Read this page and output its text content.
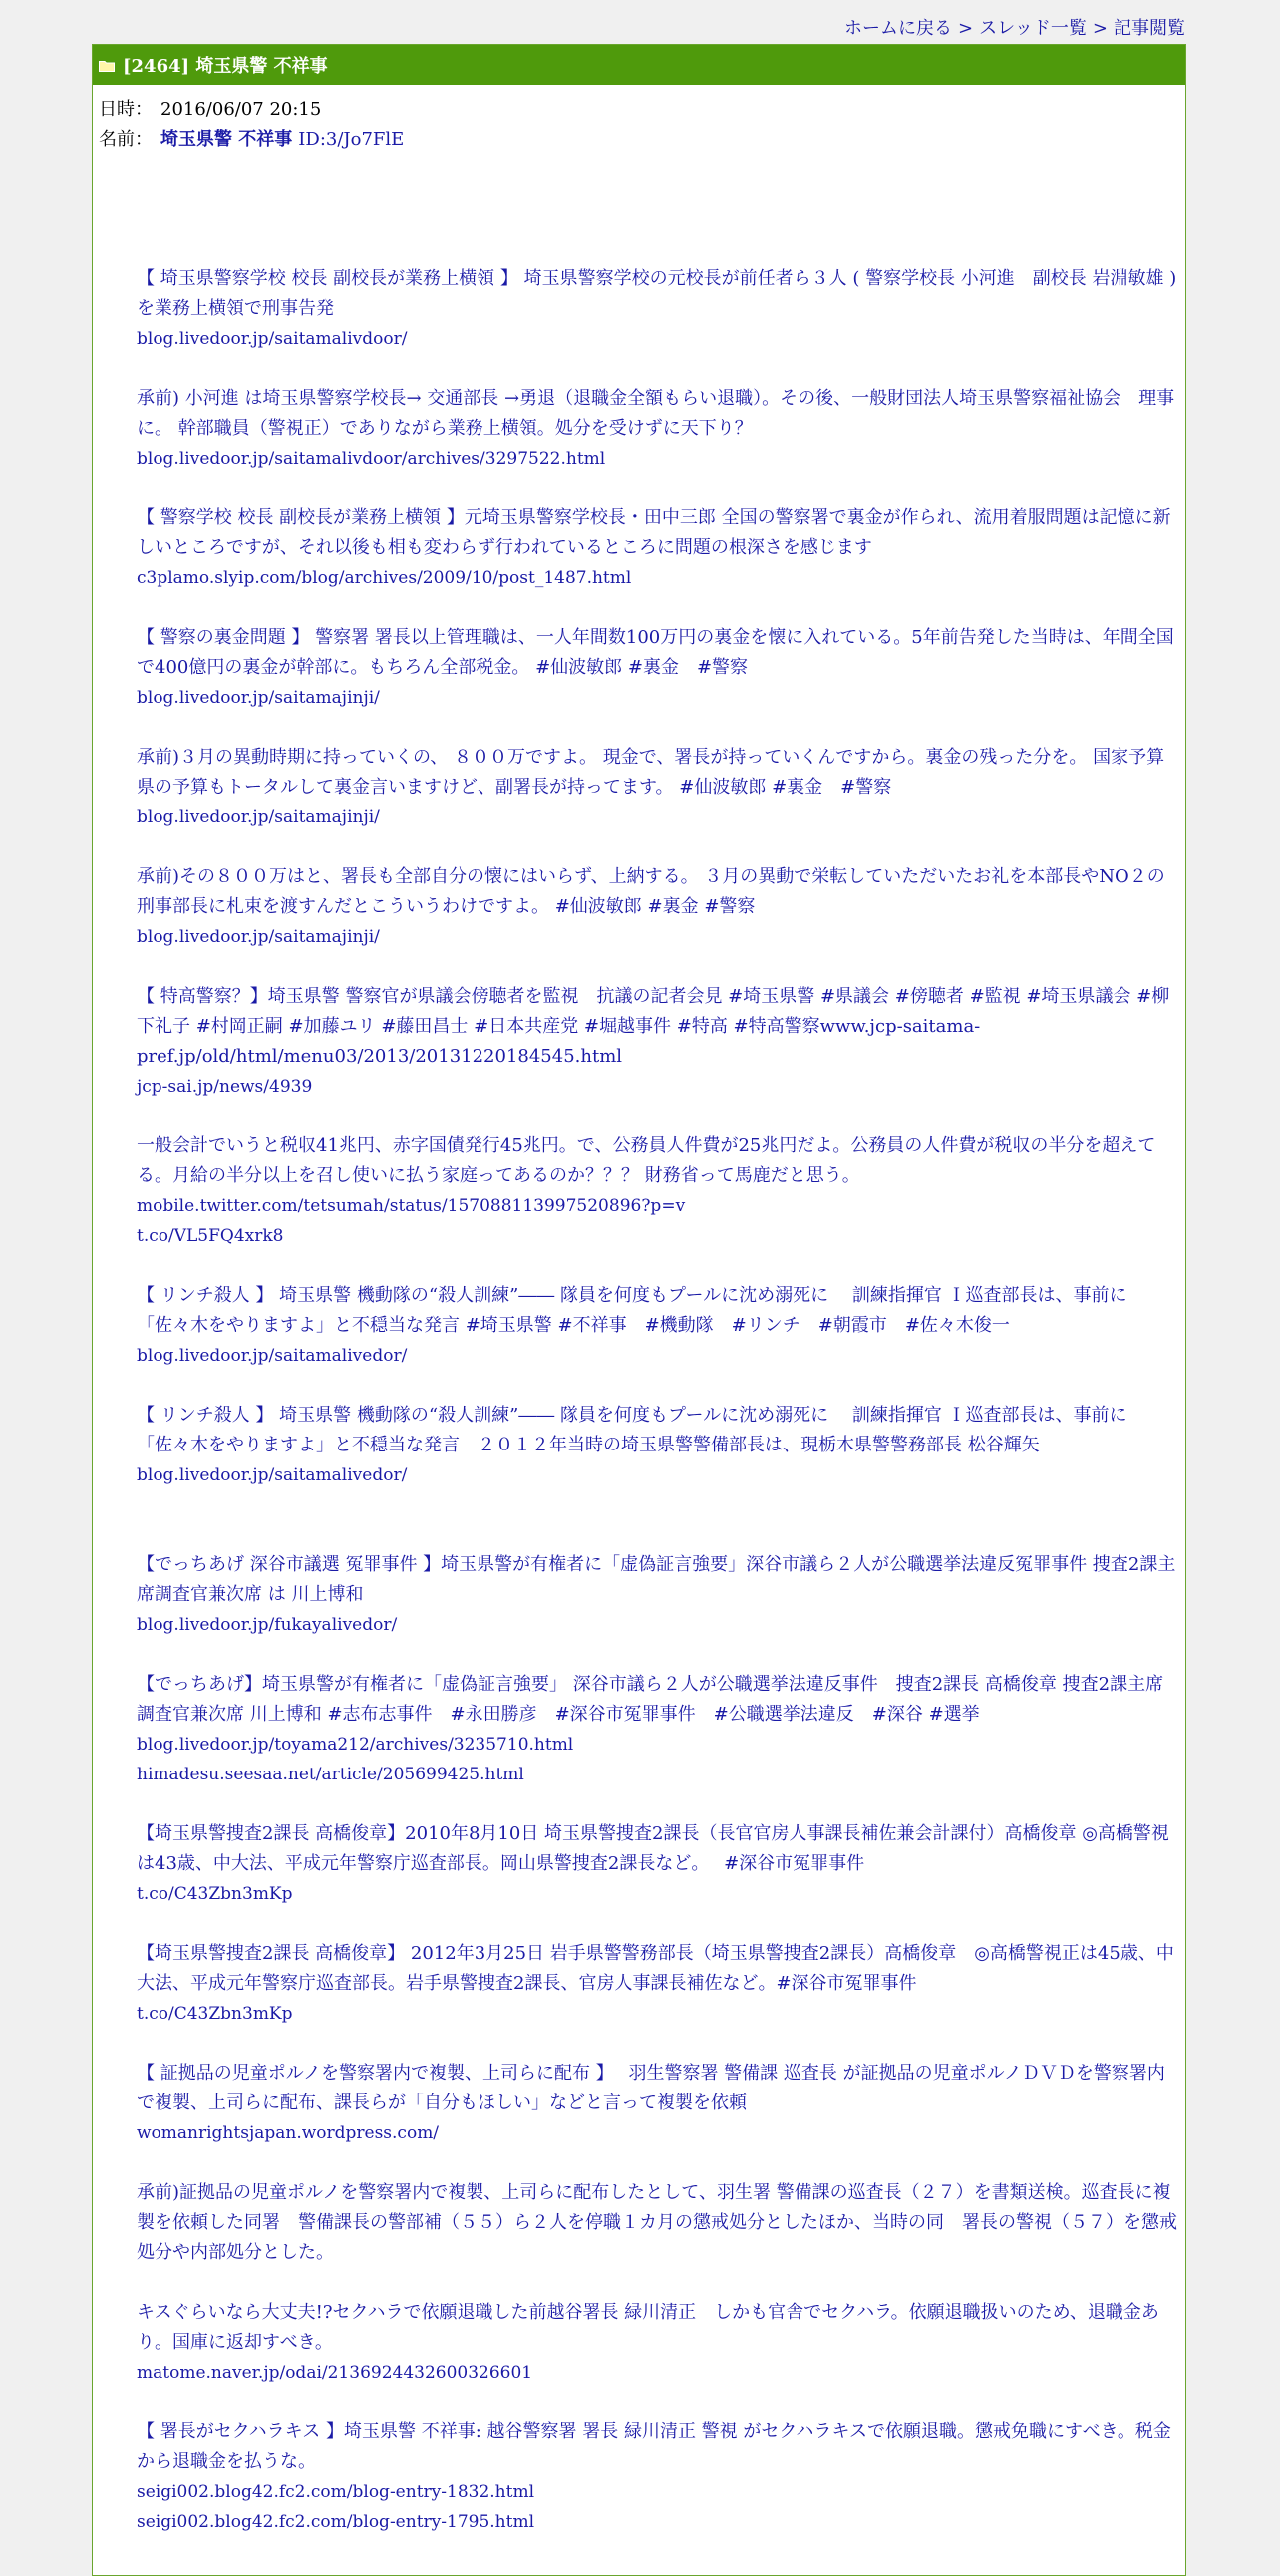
ホームに戻る > スレッド一覧 > 記事閲覧
[2464] 埼玉県警 不祥事
日時： 2016/06/07 20:15
名前： 埼玉県警 不祥事 ID:3/Jo7FlE
【 埼玉県警察学校 校長 副校長が業務上横領 】 埼玉県警察学校の元校長が前任者ら３人 ( 警察学校長 小河進　副校長 岩淵敏雄 ) を業務上横領で刑事告発
blog.livedoor.jp/saitamalivdoor/
承前) 小河進 は埼玉県警察学校長→ 交通部長 →勇退（退職金全額もらい退職）。その後、一般財団法人埼玉県警察福祉協会　理事に。 幹部職員（警視正）でありながら業務上横領。処分を受けずに天下り？
blog.livedoor.jp/saitamalivdoor/archives/3297522.html
【 警察学校 校長 副校長が業務上横領 】元埼玉県警察学校長・田中三郎 全国の警察署で裏金が作られ、流用着服問題は記憶に新しいところですが、それ以後も相も変わらず行われているところに問題の根深さを感じます
c3plamo.slyip.com/blog/archives/2009/10/post_1487.html
【 警察の裏金問題 】 警察署 署長以上管理職は、一人年間数100万円の裏金を懐に入れている。5年前告発した当時は、年間全国で400億円の裏金が幹部に。もちろん全部税金。 #仙波敏郎 #裏金　#警察
blog.livedoor.jp/saitamajinji/
承前)３月の異動時期に持っていくの、 ８００万ですよ。 現金で、署長が持っていくんですから。裏金の残った分を。 国家予算県の予算もトータルして裏金言いますけど、副署長が持ってます。 #仙波敏郎 #裏金　#警察
blog.livedoor.jp/saitamajinji/
承前)その８００万はと、署長も全部自分の懐にはいらず、上納する。 ３月の異動で栄転していただいたお礼を本部長やNO２の刑事部長に札束を渡すんだとこういうわけですよ。 #仙波敏郎 #裏金 #警察
blog.livedoor.jp/saitamajinji/
【 特高警察？】埼玉県警 警察官が県議会傍聴者を監視　抗議の記者会見 #埼玉県警 #県議会 #傍聴者 #監視 #埼玉県議会 #柳下礼子 #村岡正嗣 #加藤ユリ #藤田昌士 #日本共産党 #堀越事件 #特高 #特高警察www.jcp-saitama-pref.jp/old/html/menu03/2013/20131220184545.html
jcp-sai.jp/news/4939
一般会計でいうと税収41兆円、赤字国債発行45兆円。で、公務員人件費が25兆円だよ。公務員の人件費が税収の半分を超えてる。月給の半分以上を召し使いに払う家庭ってあるのか？？？ 財務省って馬鹿だと思う。
mobile.twitter.com/tetsumah/status/157088113997520896?p=v
t.co/VL5FQ4xrk8
【 リンチ殺人 】 埼玉県警 機動隊の“殺人訓練”―― 隊員を何度もプールに沈め溺死に　 訓練指揮官 Ｉ巡査部長は、事前に「佐々木をやりますよ」と不穏当な発言 #埼玉県警 #不祥事　#機動隊　#リンチ　#朝霞市　#佐々木俊一
blog.livedoor.jp/saitamalivedor/
【 リンチ殺人 】 埼玉県警 機動隊の“殺人訓練”―― 隊員を何度もプールに沈め溺死に　 訓練指揮官 Ｉ巡査部長は、事前に「佐々木をやりますよ」と不穏当な発言　２０１２年当時の埼玉県警警備部長は、現栃木県警警務部長 松谷輝矢
blog.livedoor.jp/saitamalivedor/
【でっちあげ 深谷市議選 冤罪事件 】埼玉県警が有権者に「虚偽証言強要」深谷市議ら２人が公職選挙法違反冤罪事件 捜査2課主席調査官兼次席 は 川上博和
blog.livedoor.jp/fukayalivedor/
【でっちあげ】埼玉県警が有権者に「虚偽証言強要」 深谷市議ら２人が公職選挙法違反事件　捜査2課長 高橋俊章 捜査2課主席調査官兼次席 川上博和 #志布志事件　#永田勝彦　#深谷市冤罪事件　#公職選挙法違反　#深谷 #選挙
blog.livedoor.jp/toyama212/archives/3235710.html
himadesu.seesaa.net/article/205699425.html
【埼玉県警捜査2課長 高橋俊章】2010年8月10日 埼玉県警捜査2課長（長官官房人事課長補佐兼会計課付）高橋俊章 ◎高橋警視は43歳、中大法、平成元年警察庁巡査部長。岡山県警捜査2課長など。　 #深谷市冤罪事件
t.co/C43Zbn3mKp
【埼玉県警捜査2課長 高橋俊章】 2012年3月25日 岩手県警警務部長（埼玉県警捜査2課長）高橋俊章　◎高橋警視正は45歳、中大法、平成元年警察庁巡査部長。岩手県警捜査2課長、官房人事課長補佐など。#深谷市冤罪事件
t.co/C43Zbn3mKp
【 証拠品の児童ポルノを警察署内で複製、上司らに配布 】　 羽生警察署 警備課 巡査長 が証拠品の児童ポルノＤＶＤを警察署内で複製、上司らに配布、課長らが「自分もほしい」などと言って複製を依頼
womanrightsjapan.wordpress.com/
承前)証拠品の児童ポルノを警察署内で複製、上司らに配布したとして、羽生署 警備課の巡査長（２７）を書類送検。巡査長に複製を依頼した同署　警備課長の警部補（５５）ら２人を停職１カ月の懲戒処分としたほか、当時の同　署長の警視（５７）を懲戒処分や内部処分とした。
キスぐらいなら大丈夫!?セクハラで依願退職した前越谷署長 緑川清正　しかも官舎でセクハラ。依願退職扱いのため、退職金あり。国庫に返却すべき。
matome.naver.jp/odai/2136924432600326601
【 署長がセクハラキス 】埼玉県警 不祥事: 越谷警察署 署長 緑川清正 警視 がセクハラキスで依願退職。懲戒免職にすべき。税金から退職金を払うな。
seigi002.blog42.fc2.com/blog-entry-1832.html
seigi002.blog42.fc2.com/blog-entry-1795.html
